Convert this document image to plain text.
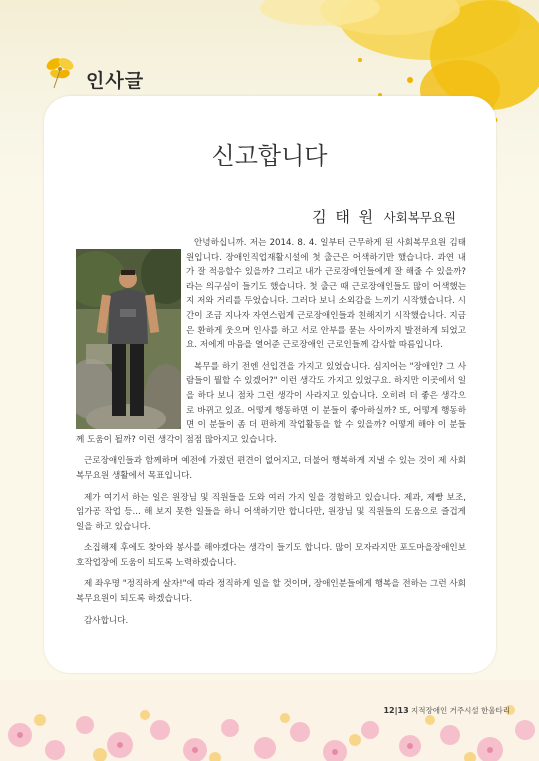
인사글
신고합니다
김 태 원 사회복무요원

안녕하십니까. 저는 2014. 8. 4. 일부터 근무하게 된 사회복무요원 김태원입니다. 장애인직업재활시설에 첫 출근은 어색하기만 했습니다. 과연 내가 잘 적응할수 있을까? 그리고 내가 근로장애인들에게 잘 해줄 수 있을까? 라는 의구심이 들기도 했습니다. 첫 출근 때 근로장애인들도 많이 어색했는지 저와 거리를 두었습니다. 그러다 보니 소외감을 느끼기 시작했습니다. 시간이 조금 지나자 자연스럽게 근로장애인들과 친해지기 시작했습니다. 지금은 환하게 웃으며 인사를 하고 서로 안부를 묻는 사이까지 발전하게 되었고요. 저에게 마음을 열어준 근로장애인 근로인들께 감사할 따름입니다.

복무를 하기 전엔 선입견을 가지고 있었습니다. 심지어는 "장애인? 그 사람들이 뭘할 수 있겠어?" 이런 생각도 가지고 있었구요. 하지만 이곳에서 일을 하다 보니 점차 그런 생각이 사라지고 있습니다. 오히려 더 좋은 생각으로 바뀌고 있죠. 어떻게 행동하면 이 분들이 좋아하실까? 또, 어떻게 행동하면 이 분들이 좀 더 편하게 작업활동을 할 수 있을까? 어떻게 해야 이 분들께 도움이 될까? 이런 생각이 점점 많아지고 있습니다.

근로장애인들과 함께하며 예전에 가졌던 편견이 없어지고, 더불어 행복하게 지낼 수 있는 것이 제 사회복무요원 생활에서 목표입니다.

제가 여기서 하는 일은 원장님 및 직원들을 도와 여러 가지 일을 경험하고 있습니다. 제과, 제빵 보조, 임가공 작업 등... 해 보지 못한 일들을 하니 어색하기만 합니다만, 원장님 및 직원들의 도움으로 즐겁게 일을 하고 있습니다.

소집해제 후에도 찾아와 봉사를 해야겠다는 생각이 들기도 합니다. 많이 모자라지만 포도마을장애인보호작업장에 도움이 되도록 노력하겠습니다.

제 좌우명 "정직하게 살자!"에 따라 정직하게 일을 할 것이며, 장애인분들에게 행복을 전하는 그런 사회복무요원이 되도록 하겠습니다.

감사합니다.

12|13 지적장애인 거주시설 한울타리
